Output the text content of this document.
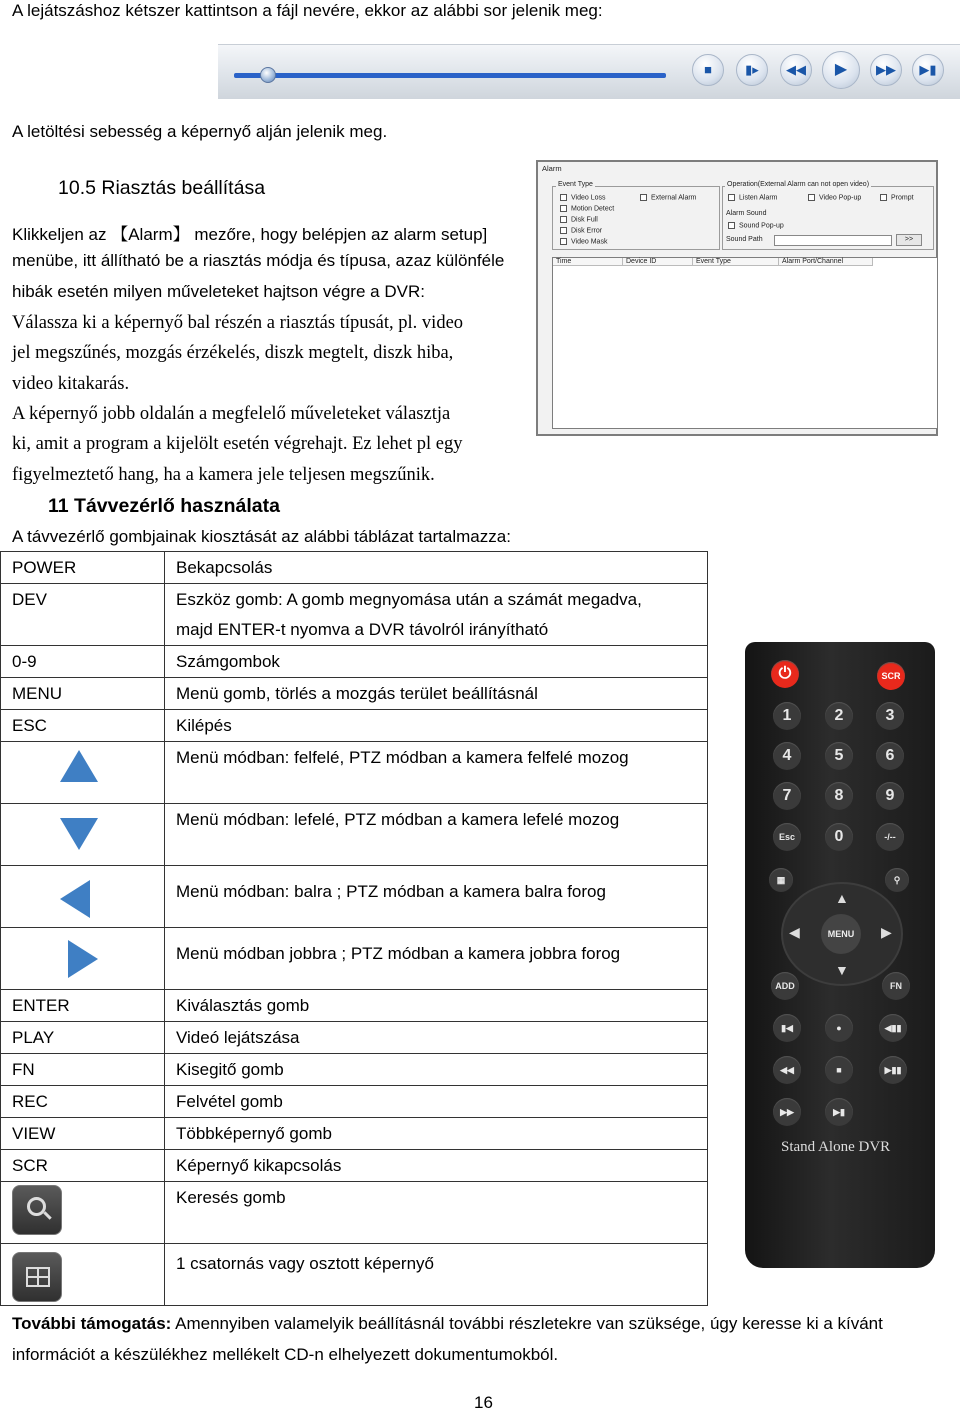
A lejátszáshoz kétszer kattintson a fájl nevére, ekkor az alábbi sor jelenik meg:
■	▮▸	◀◀	▶	▶▶	▶▮
A letöltési sebesség a képernyő alján jelenik meg.
10.5 Riasztás beállítása
Klikkeljen az 【Alarm】 mezőre, hogy belépjen az alarm setup]
menübe, itt állítható be a riasztás módja és típusa, azaz különféle
hibák esetén milyen műveleteket hajtson végre a DVR:
Válassza ki a képernyő bal részén a riasztás típusát, pl. video
jel megszűnés, mozgás érzékelés, diszk megtelt, diszk hiba,
video kitakarás.
A képernyő jobb oldalán a megfelelő műveleteket választja
ki, amit a program a kijelölt esetén végrehajt. Ez lehet pl egy
figyelmeztető hang, ha a kamera jele teljesen megszűnik.
Alarm
Event Type
Video Loss
Motion Detect
Disk Full
Disk Error
Video Mask
External Alarm
Operation(External Alarm can not open video)
Listen Alarm	Video Pop-up	Prompt
Alarm Sound
Sound Pop-up
Sound Path	>>
Time	Device ID	Event Type	Alarm Port/Channel
11 Távvezérlő használata
A távvezérlő gombjainak kiosztását az alábbi táblázat tartalmazza:
POWER	Bekapcsolás
DEV	Eszköz gomb: A gomb megnyomása után a számát megadva,
majd ENTER-t nyomva a DVR távolról irányítható

0-9	Számgombok
MENU	Menü gomb, törlés a mozgás terület beállításnál
ESC	Kilépés

	Menü módban: felfelé, PTZ módban a kamera felfelé mozog

	Menü módban: lefelé, PTZ módban a kamera lefelé mozog

	Menü módban: balra ; PTZ módban a kamera balra forog

	Menü módban jobbra ; PTZ módban a kamera jobbra forog

ENTER	Kiválasztás gomb
PLAY	Videó lejátszása
FN	Kisegitő gomb
REC	Felvétel gomb
VIEW	Többképernyő gomb
SCR	Képernyő kikapcsolás

	Keresés gomb

	1 csatornás vagy osztott képernyő
⏻	SCR
1	2	3
4	5	6
7	8	9
Esc	0	-/--
▦	⚲
▲
▼
◀	▶
MENU
ADD	FN
▮◀	●	◀▮▮
◀◀	■	▶▮▮
▶▶	▶▮
Stand Alone DVR
További támogatás: Amennyiben valamelyik beállításnál további részletekre van szüksége, úgy keresse ki a kívánt
információt a készülékhez mellékelt CD-n elhelyezett dokumentumokból.
16
